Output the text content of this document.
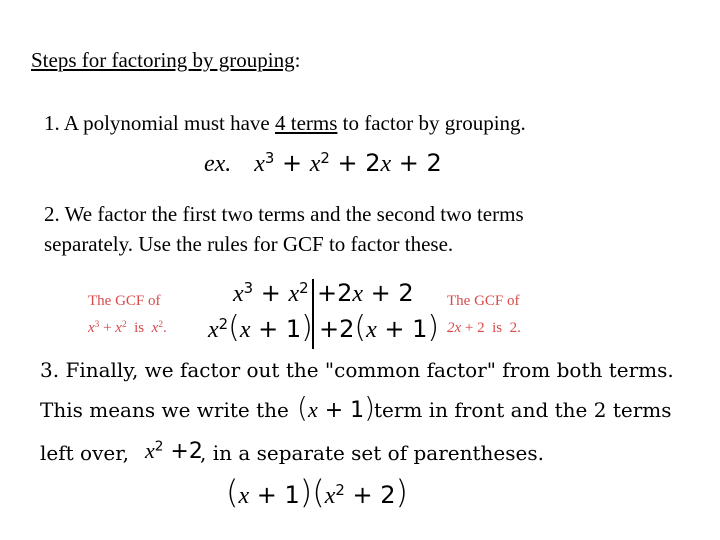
Steps for factoring by grouping:
1. A polynomial must have 4 terms to factor by grouping.
ex. $x^3 + x^2 + 2x + 2$
2. We factor the first two terms and the second two terms
separately. Use the rules for GCF to factor these.
$x^3 + x^2 +2x + 2$
$x^2(x + 1) +2(x + 1)$
The GCF of
$x^3 + x^2$  is  $x^2$.
The GCF of
2x + 2  is  2.
3. Finally, we factor out the "common factor" from both terms.
This means we write the (x + 1)
term in front and the 2 terms
left over, $x^2 +2$
, in a separate set of parentheses.
$(x + 1)(x^2 + 2)$
